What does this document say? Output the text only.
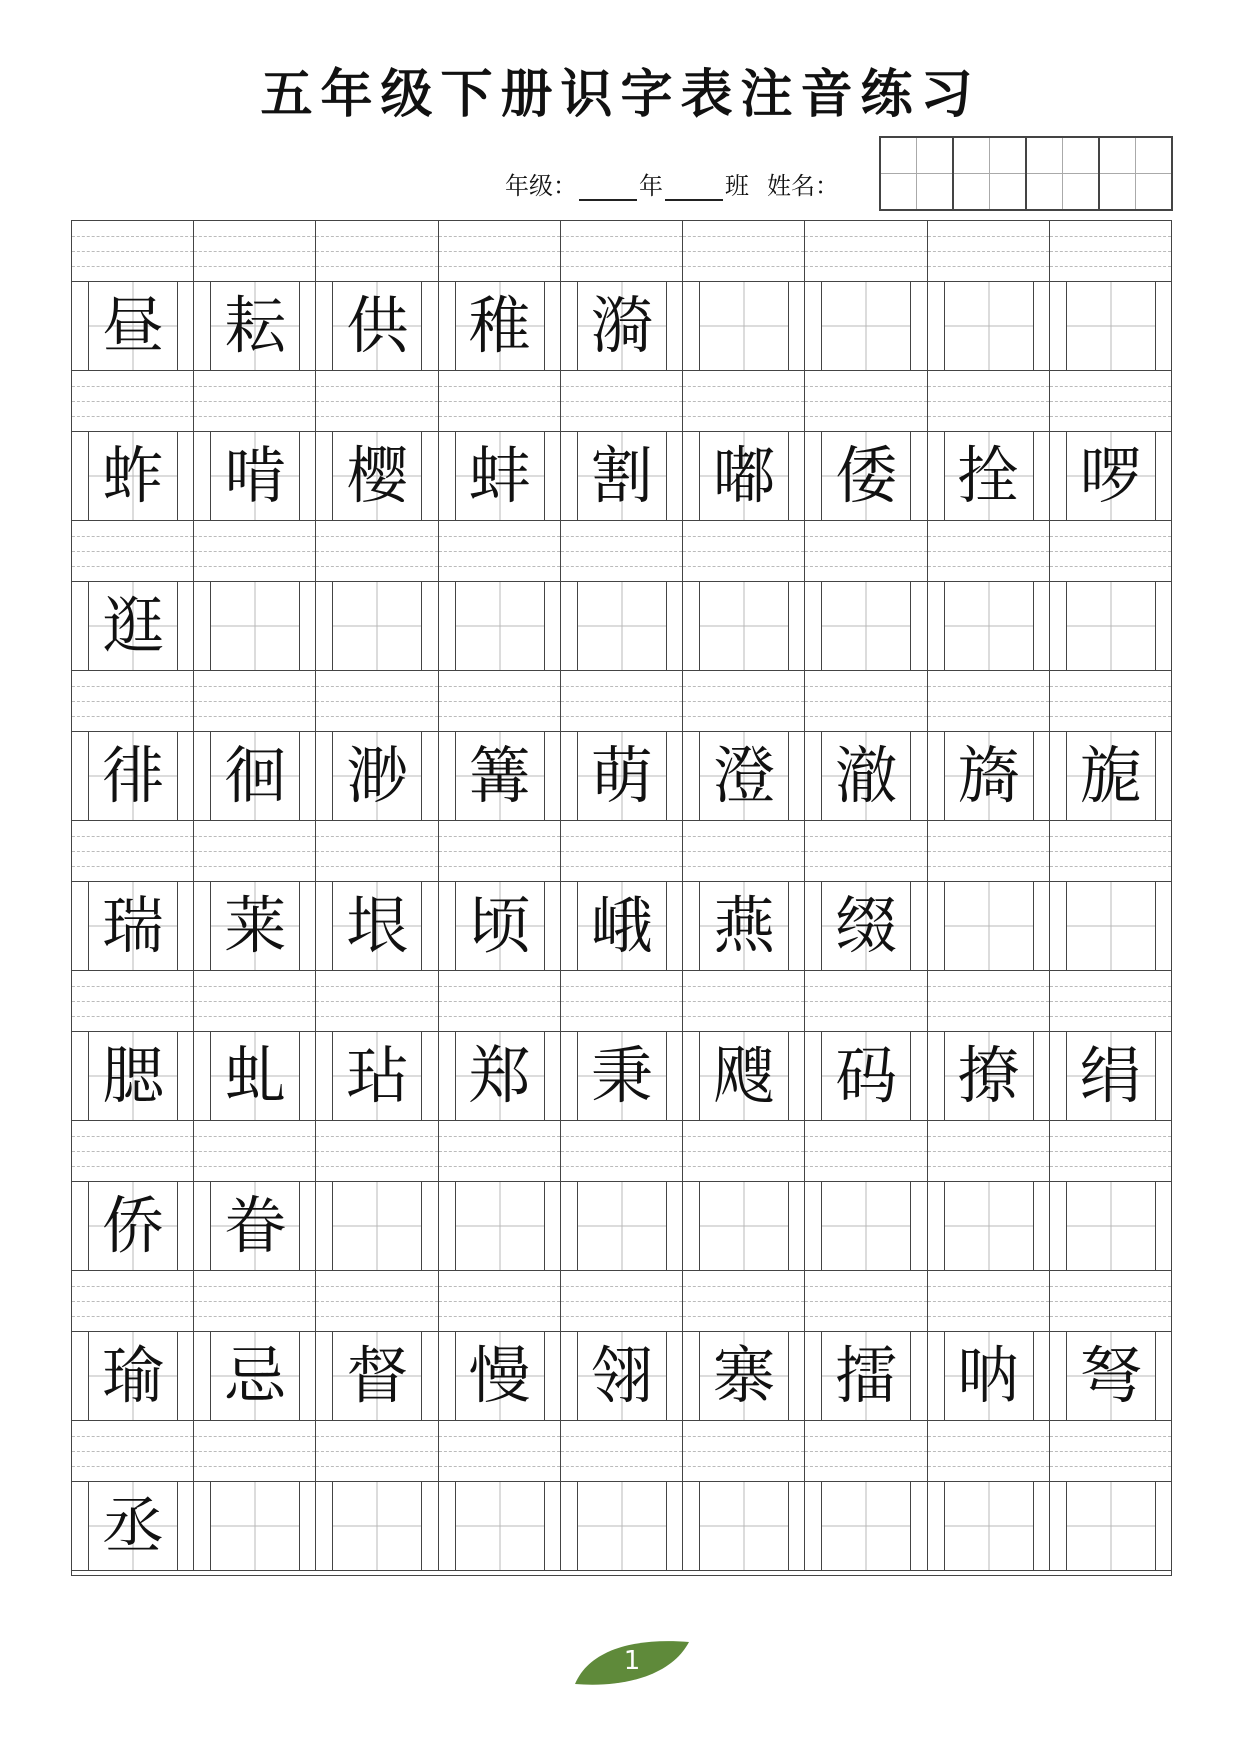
五年级下册识字表注音练习
年级：	年	班 姓名：
昼 耘 供 稚 漪
蚱 啃 樱 蚌 割 嘟 倭 拴 啰
逛
徘 徊 渺 篝 萌 澄 澈 旖 旎
瑞 莱 垠 顷 峨 燕 缀
腮 虬 玷 郑 秉 飕 码 撩 绢
侨 眷
瑜 忌 督 慢 翎 寨 擂 呐 弩
丞
1
